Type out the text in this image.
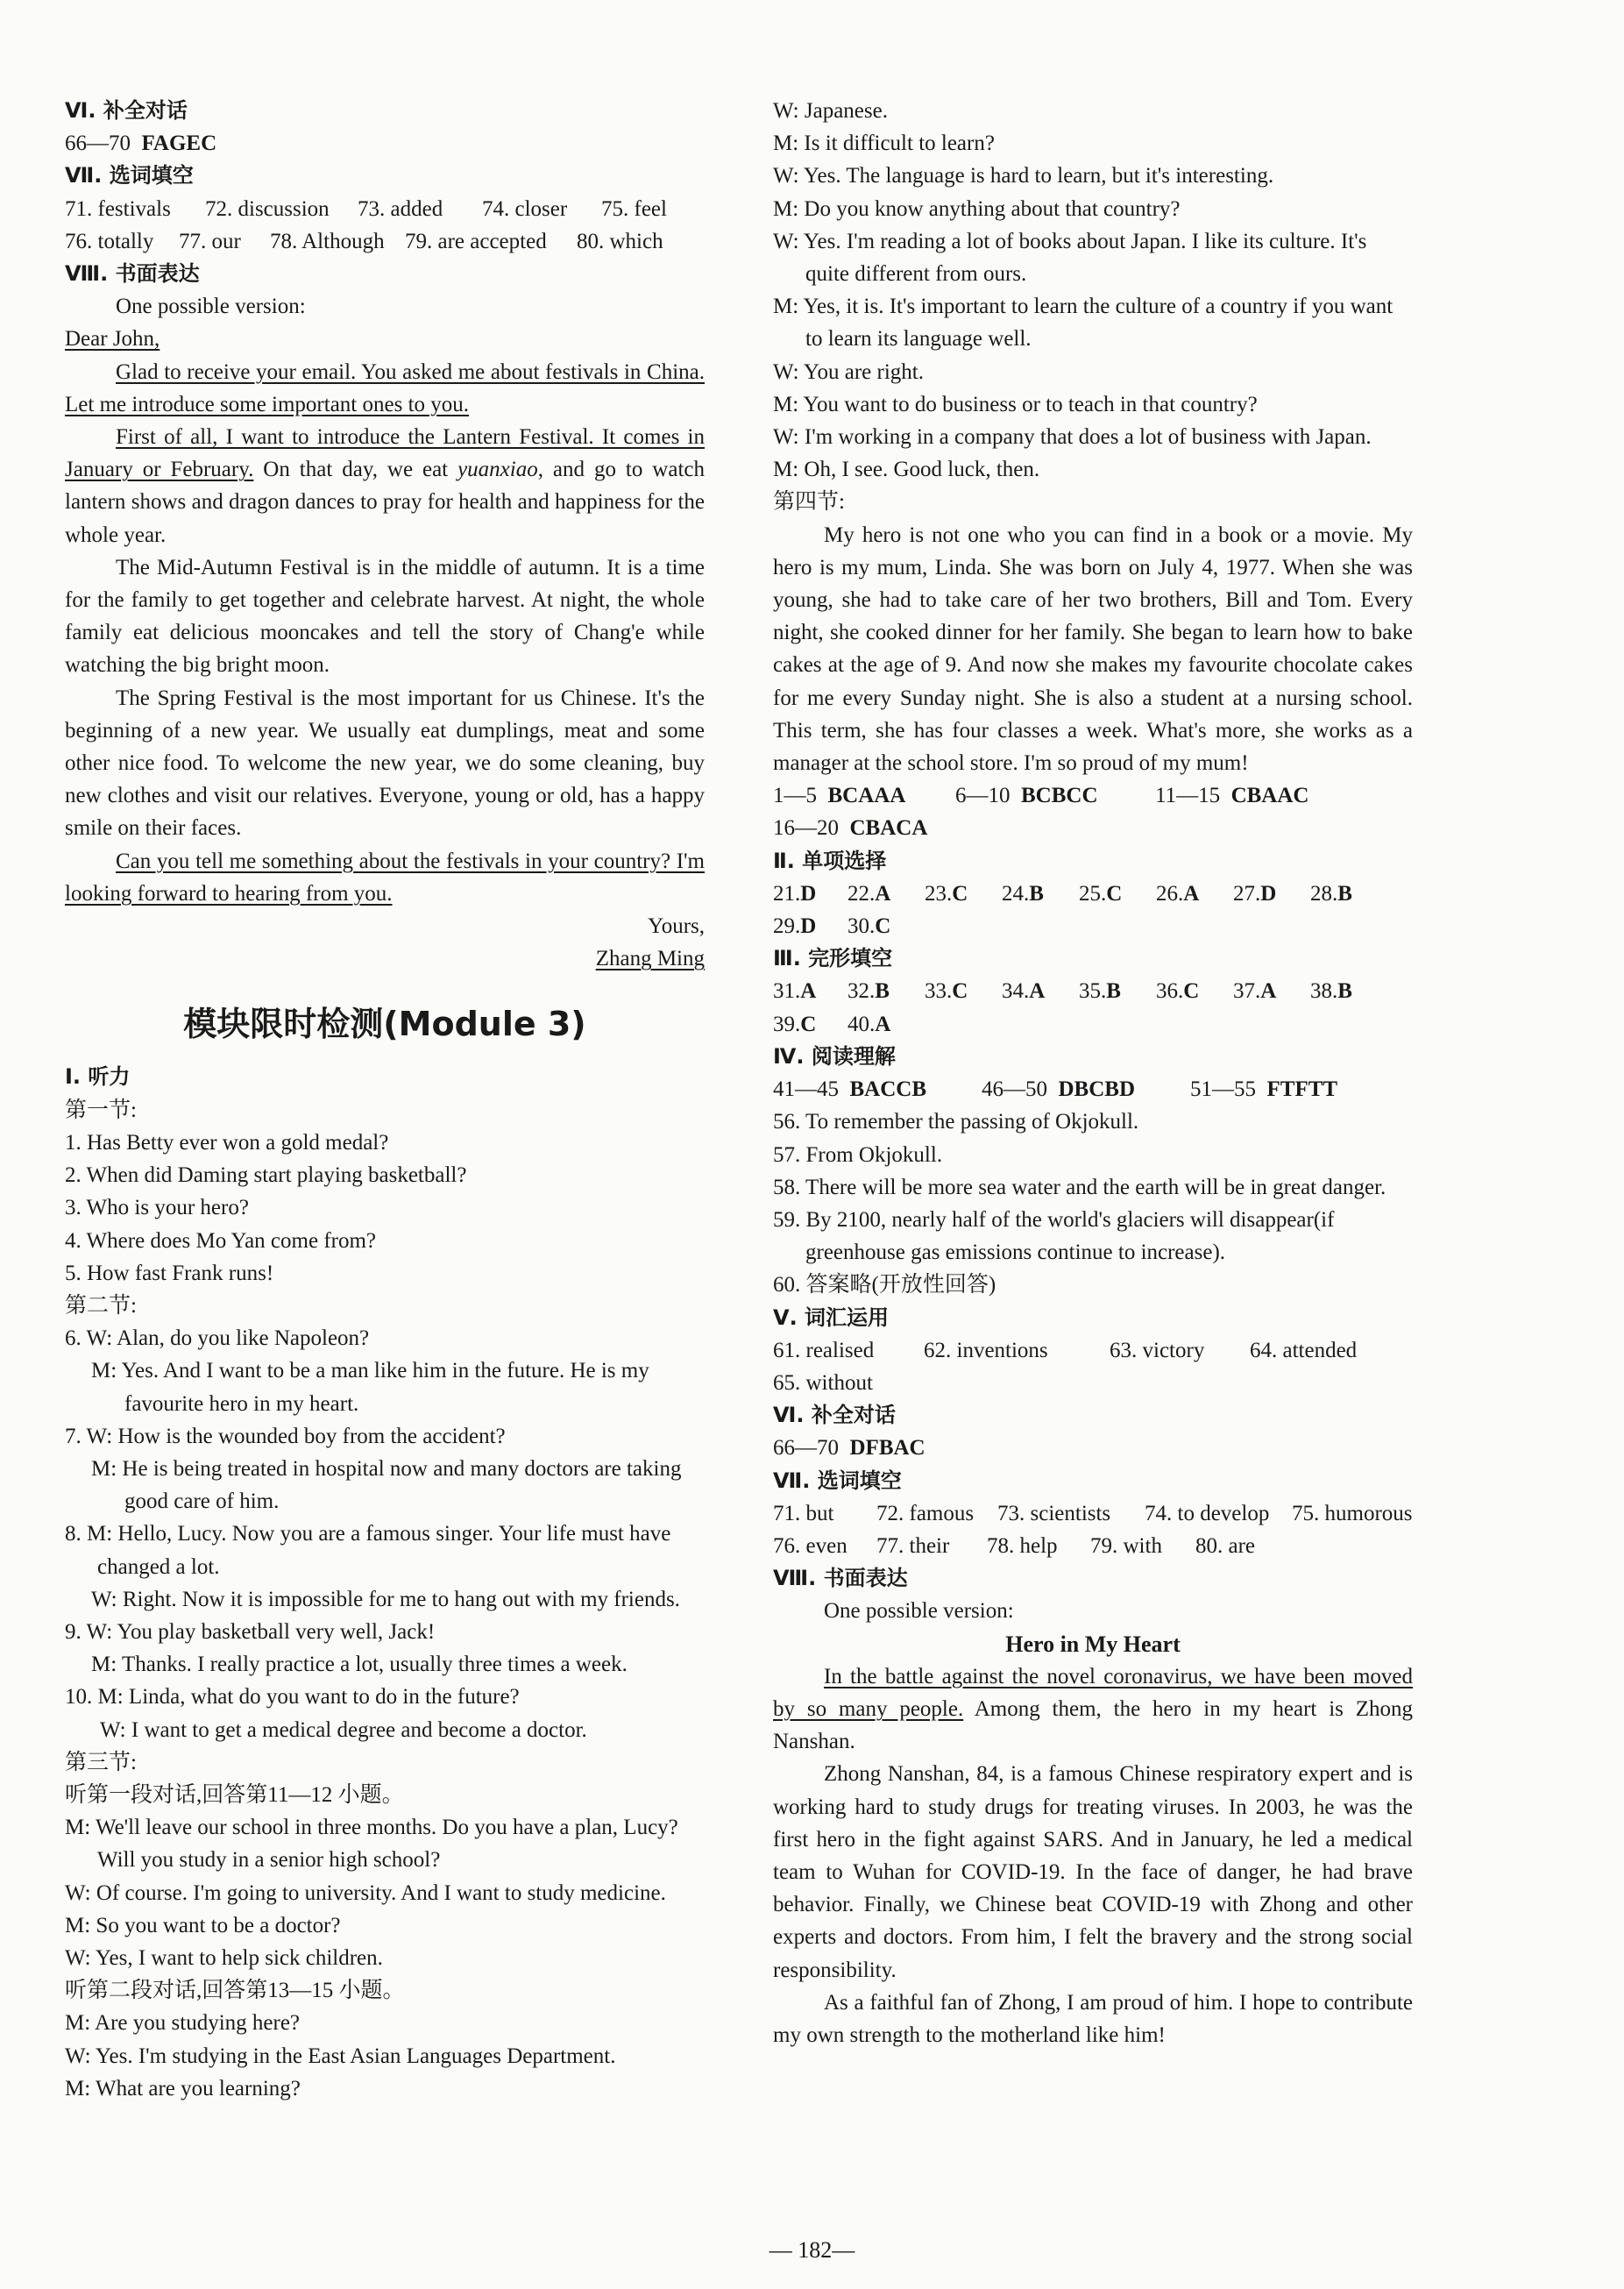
Ⅵ. 补全对话

66—70 FAGEC

Ⅶ. 选词填空

71. festivals	72. discussion	73. added	74. closer	75. feel
76. totally	77. our	78. Although 79. are accepted	80. which

Ⅷ. 书面表达

One possible version:

Dear John,

Glad to receive your email. You asked me about festivals in China. Let me introduce some important ones to you.

First of all, I want to introduce the Lantern Festival. It comes in January or February. On that day, we eat yuanxiao, and go to watch lantern shows and dragon dances to pray for health and happiness for the whole year.

The Mid-Autumn Festival is in the middle of autumn. It is a time for the family to get together and celebrate harvest. At night, the whole family eat delicious mooncakes and tell the story of Chang'e while watching the big bright moon.

The Spring Festival is the most important for us Chinese. It's the beginning of a new year. We usually eat dumplings, meat and some other nice food. To welcome the new year, we do some cleaning, buy new clothes and visit our relatives. Everyone, young or old, has a happy smile on their faces.

Can you tell me something about the festivals in your country? I'm looking forward to hearing from you.

Yours,

Zhang Ming

模块限时检测(Module 3)

Ⅰ. 听力

第一节:

1. Has Betty ever won a gold medal?

2. When did Daming start playing basketball?

3. Who is your hero?

4. Where does Mo Yan come from?

5. How fast Frank runs!

第二节:

6. W: Alan, do you like Napoleon?

M: Yes. And I want to be a man like him in the future. He is my favourite hero in my heart.

7. W: How is the wounded boy from the accident?

M: He is being treated in hospital now and many doctors are taking good care of him.

8. M: Hello, Lucy. Now you are a famous singer. Your life must have changed a lot.

W: Right. Now it is impossible for me to hang out with my friends.

9. W: You play basketball very well, Jack!

M: Thanks. I really practice a lot, usually three times a week.

10. M: Linda, what do you want to do in the future?

W: I want to get a medical degree and become a doctor.

第三节:

听第一段对话,回答第11—12 小题。

M: We'll leave our school in three months. Do you have a plan, Lucy? Will you study in a senior high school?

W: Of course. I'm going to university. And I want to study medicine.

M: So you want to be a doctor?

W: Yes, I want to help sick children.

听第二段对话,回答第13—15 小题。

M: Are you studying here?

W: Yes. I'm studying in the East Asian Languages Department.

M: What are you learning?

W: Japanese.

M: Is it difficult to learn?

W: Yes. The language is hard to learn, but it's interesting.

M: Do you know anything about that country?

W: Yes. I'm reading a lot of books about Japan. I like its culture. It's quite different from ours.

M: Yes, it is. It's important to learn the culture of a country if you want to learn its language well.

W: You are right.

M: You want to do business or to teach in that country?

W: I'm working in a company that does a lot of business with Japan.

M: Oh, I see. Good luck, then.

第四节:

My hero is not one who you can find in a book or a movie. My hero is my mum, Linda. She was born on July 4, 1977. When she was young, she had to take care of her two brothers, Bill and Tom. Every night, she cooked dinner for her family. She began to learn how to bake cakes at the age of 9. And now she makes my favourite chocolate cakes for me every Sunday night. She is also a student at a nursing school. This term, she has four classes a week. What's more, she works as a manager at the school store. I'm so proud of my mum!

1—5 BCAAA	6—10 BCBCC	11—15 CBAAC

16—20 CBACA

Ⅱ. 单项选择

21.D	22.A	23.C	24.B	25.C	26.A	27.D	28.B
29.D	30.C

Ⅲ. 完形填空

31.A	32.B	33.C	34.A	35.B	36.C	37.A	38.B
39.C	40.A

Ⅳ. 阅读理解

41—45 BACCB	46—50 DBCBD	51—55 FTFTT

56. To remember the passing of Okjokull.

57. From Okjokull.

58. There will be more sea water and the earth will be in great danger.

59. By 2100, nearly half of the world's glaciers will disappear(if greenhouse gas emissions continue to increase).

60. 答案略(开放性回答)

Ⅴ. 词汇运用

61. realised	62. inventions	63. victory	64. attended

65. without

Ⅵ. 补全对话

66—70 DFBAC

Ⅶ. 选词填空

71. but	72. famous	73. scientists	74. to develop	75. humorous
76. even	77. their	78. help	79. with	80. are

Ⅷ. 书面表达

One possible version:

Hero in My Heart

In the battle against the novel coronavirus, we have been moved by so many people. Among them, the hero in my heart is Zhong Nanshan.

Zhong Nanshan, 84, is a famous Chinese respiratory expert and is working hard to study drugs for treating viruses. In 2003, he was the first hero in the fight against SARS. And in January, he led a medical team to Wuhan for COVID-19. In the face of danger, he had brave behavior. Finally, we Chinese beat COVID-19 with Zhong and other experts and doctors. From him, I felt the bravery and the strong social responsibility.

As a faithful fan of Zhong, I am proud of him. I hope to contribute my own strength to the motherland like him!

— 182—
